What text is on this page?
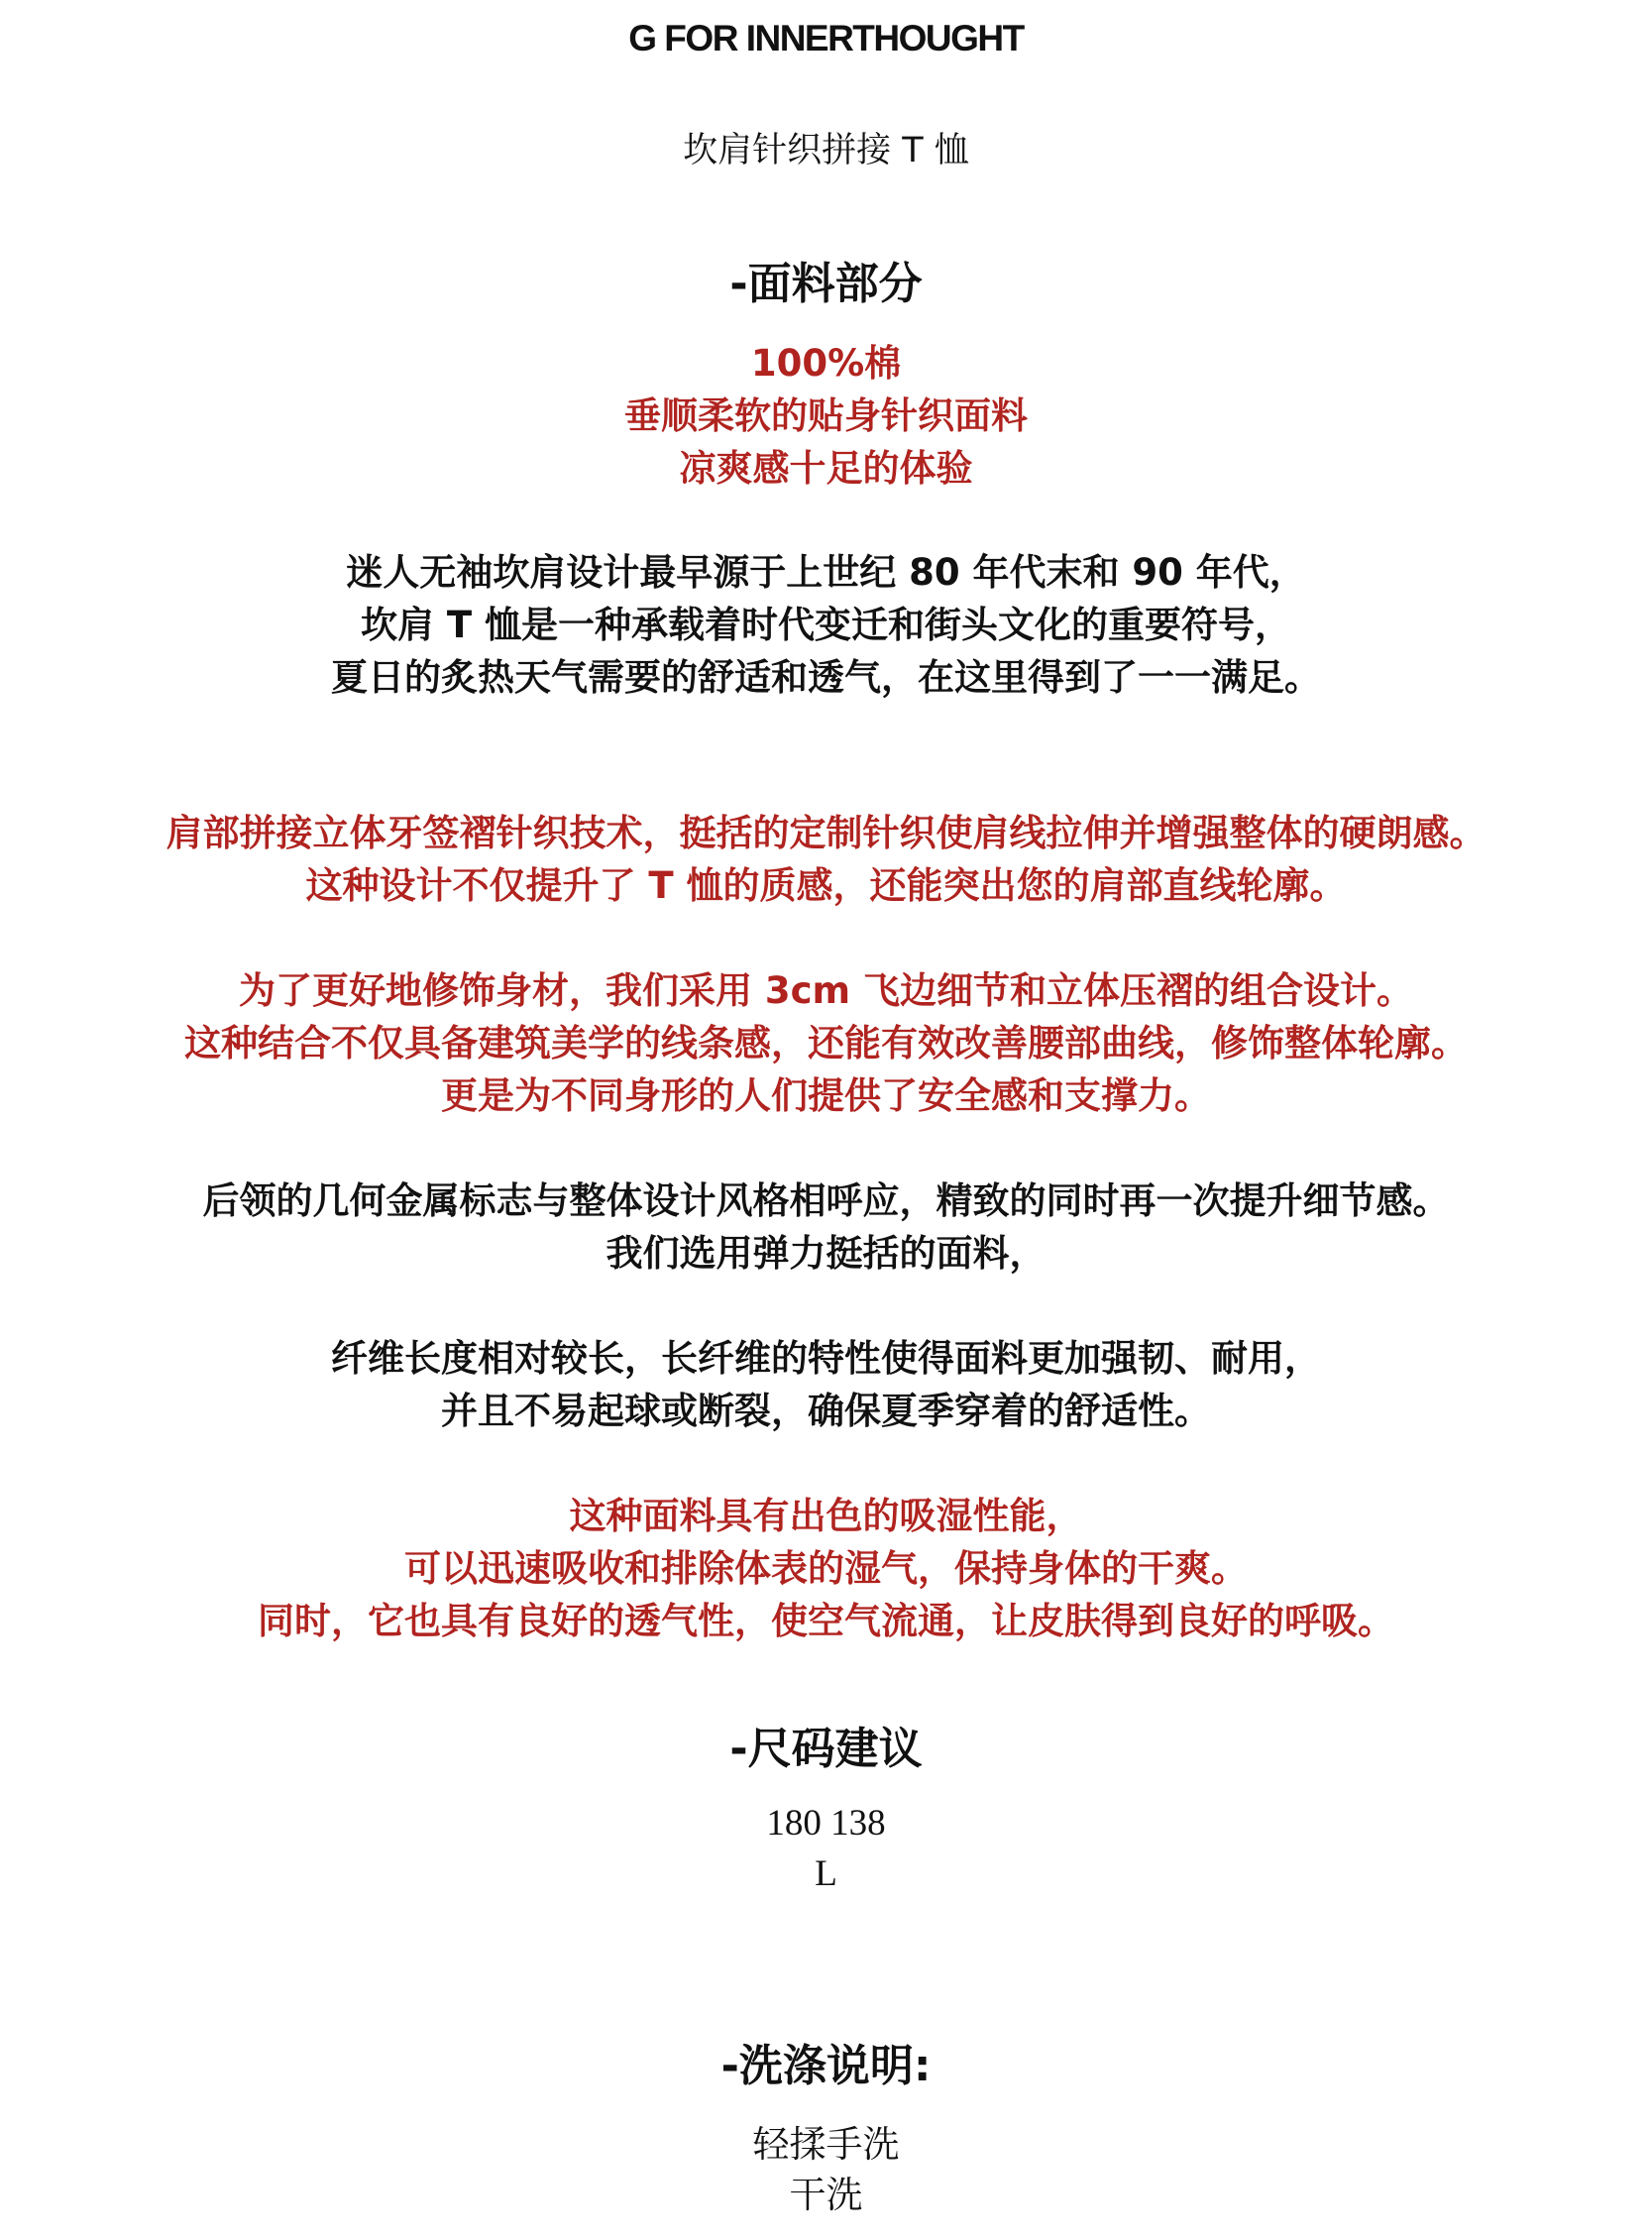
G FOR INNERTHOUGHT

坎肩针织拼接 T 恤

-面料部分

100%棉

垂顺柔软的贴身针织面料

凉爽感十足的体验

迷人无袖坎肩设计最早源于上世纪 80 年代末和 90 年代，

坎肩 T 恤是一种承载着时代变迁和街头文化的重要符号，

夏日的炙热天气需要的舒适和透气，在这里得到了一一满足。

肩部拼接立体牙签褶针织技术，挺括的定制针织使肩线拉伸并增强整体的硬朗感。

这种设计不仅提升了 T 恤的质感，还能突出您的肩部直线轮廓。

为了更好地修饰身材，我们采用 3cm 飞边细节和立体压褶的组合设计。

这种结合不仅具备建筑美学的线条感，还能有效改善腰部曲线，修饰整体轮廓。

更是为不同身形的人们提供了安全感和支撑力。

后领的几何金属标志与整体设计风格相呼应，精致的同时再一次提升细节感。

我们选用弹力挺括的面料，

纤维长度相对较长，长纤维的特性使得面料更加强韧、耐用，

并且不易起球或断裂，确保夏季穿着的舒适性。

这种面料具有出色的吸湿性能，

可以迅速吸收和排除体表的湿气，保持身体的干爽。

同时，它也具有良好的透气性，使空气流通，让皮肤得到良好的呼吸。

-尺码建议

180 138

L

-洗涤说明:

轻揉手洗

干洗
